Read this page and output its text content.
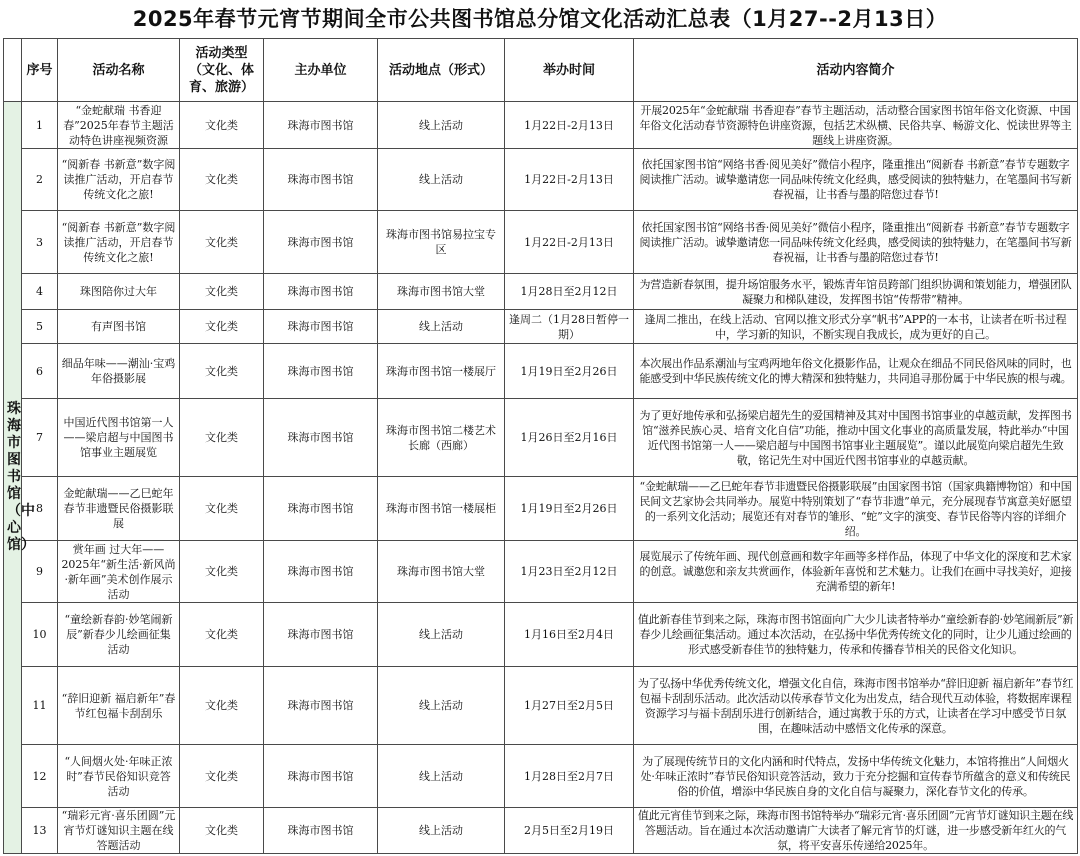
2025年春节元宵节期间全市公共图书馆总分馆文化活动汇总表（1月27--2月13日）
	序号	活动名称	活动类型（文化、体育、旅游）	主办单位	活动地点（形式）	举办时间	活动内容简介

珠海市图书馆（中心馆）	1	“金蛇献瑞 书香迎春”2025年春节主题活动特色讲座视频资源	文化类	珠海市图书馆	线上活动	1月22日-2月13日	开展2025年“金蛇献瑞 书香迎春”春节主题活动，活动整合国家图书馆年俗文化资源、中国年俗文化活动春节资源特色讲座资源，包括艺术纵横、民俗共享、畅游文化、悦读世界等主题线上讲座资源。
	2	“阅新春 书新意”数字阅读推广活动，开启春节传统文化之旅!	文化类	珠海市图书馆	线上活动	1月22日-2月13日	依托国家图书馆“网络书香·阅见美好”微信小程序，隆重推出“阅新春 书新意”春节专题数字阅读推广活动。诚挚邀请您一同品味传统文化经典，感受阅读的独特魅力，在笔墨间书写新春祝福，让书香与墨韵陪您过春节!
	3	“阅新春 书新意”数字阅读推广活动，开启春节传统文化之旅!	文化类	珠海市图书馆	珠海市图书馆易拉宝专区	1月22日-2月13日	依托国家图书馆“网络书香·阅见美好”微信小程序，隆重推出“阅新春 书新意”春节专题数字阅读推广活动。诚挚邀请您一同品味传统文化经典，感受阅读的独特魅力，在笔墨间书写新春祝福，让书香与墨韵陪您过春节!
	4	珠图陪你过大年	文化类	珠海市图书馆	珠海市图书馆大堂	1月28日至2月12日	为营造新春氛围，提升场馆服务水平，锻炼青年馆员跨部门组织协调和策划能力，增强团队凝聚力和梯队建设，发挥图书馆“传帮带”精神。
	5	有声图书馆	文化类	珠海市图书馆	线上活动	逢周二（1月28日暂停一期）	逢周二推出，在线上活动、官网以推文形式分享“帆书”APP的一本书，让读者在听书过程中，学习新的知识，不断实现自我成长，成为更好的自己。
	6	细品年味——潮汕·宝鸡年俗摄影展	文化类	珠海市图书馆	珠海市图书馆一楼展厅	1月19日至2月26日	本次展出作品系潮汕与宝鸡两地年俗文化摄影作品，让观众在细品不同民俗风味的同时，也能感受到中华民族传统文化的博大精深和独特魅力，共同追寻那份属于中华民族的根与魂。
	7	中国近代图书馆第一人——梁启超与中国图书馆事业主题展览	文化类	珠海市图书馆	珠海市图书馆二楼艺术长廊（西廊）	1月26日至2月16日	为了更好地传承和弘扬梁启超先生的爱国精神及其对中国图书馆事业的卓越贡献，发挥图书馆“滋养民族心灵、培育文化自信”功能，推动中国文化事业的高质量发展，特此举办“中国近代图书馆第一人——梁启超与中国图书馆事业主题展览”。谨以此展览向梁启超先生致敬，铭记先生对中国近代图书馆事业的卓越贡献。
	8	金蛇献瑞——乙巳蛇年春节非遗暨民俗摄影联展	文化类	珠海市图书馆	珠海市图书馆一楼展柜	1月19日至2月26日	“金蛇献瑞——乙巳蛇年春节非遗暨民俗摄影联展”由国家图书馆（国家典籍博物馆）和中国民间文艺家协会共同举办。展览中特别策划了“春节非遗”单元，充分展现春节寓意美好愿望的一系列文化活动；展览还有对春节的雏形、“蛇”文字的演变、春节民俗等内容的详细介绍。
	9	赏年画 过大年——2025年“新生活·新风尚·新年画”美术创作展示活动	文化类	珠海市图书馆	珠海市图书馆大堂	1月23日至2月12日	展览展示了传统年画、现代创意画和数字年画等多样作品，体现了中华文化的深度和艺术家的创意。诚邀您和亲友共赏画作，体验新年喜悦和艺术魅力。让我们在画中寻找美好，迎接充满希望的新年!
	10	“童绘新春韵·妙笔闹新辰”新春少儿绘画征集活动	文化类	珠海市图书馆	线上活动	1月16日至2月4日	值此新春佳节到来之际，珠海市图书馆面向广大少儿读者特举办“童绘新春韵·妙笔闹新辰”新春少儿绘画征集活动。通过本次活动，在弘扬中华优秀传统文化的同时，让少儿通过绘画的形式感受新春佳节的独特魅力，传承和传播春节相关的民俗文化知识。
	11	“辞旧迎新 福启新年”春节红包福卡刮刮乐	文化类	珠海市图书馆	线上活动	1月27日至2月5日	为了弘扬中华优秀传统文化，增强文化自信，珠海市图书馆举办“辞旧迎新 福启新年”春节红包福卡刮刮乐活动。此次活动以传承春节文化为出发点，结合现代互动体验，将数据库课程资源学习与福卡刮刮乐进行创新结合，通过寓教于乐的方式，让读者在学习中感受节日氛围，在趣味活动中感悟文化传承的深意。
	12	“人间烟火处·年味正浓时”春节民俗知识竞答活动	文化类	珠海市图书馆	线上活动	1月28日至2月7日	为了展现传统节日的文化内涵和时代特点，发扬中华传统文化魅力，本馆将推出“人间烟火处·年味正浓时”春节民俗知识竞答活动，致力于充分挖掘和宣传春节所蕴含的意义和传统民俗的价值，增添中华民族自身的文化自信与凝聚力，深化春节文化的传承。
	13	“瑞彩元宵·喜乐团圆”元宵节灯谜知识主题在线答题活动	文化类	珠海市图书馆	线上活动	2月5日至2月19日	值此元宵佳节到来之际，珠海市图书馆特举办“瑞彩元宵·喜乐团圆”元宵节灯谜知识主题在线答题活动。旨在通过本次活动邀请广大读者了解元宵节的灯谜，进一步感受新年红火的气氛，将平安喜乐传递给2025年。
